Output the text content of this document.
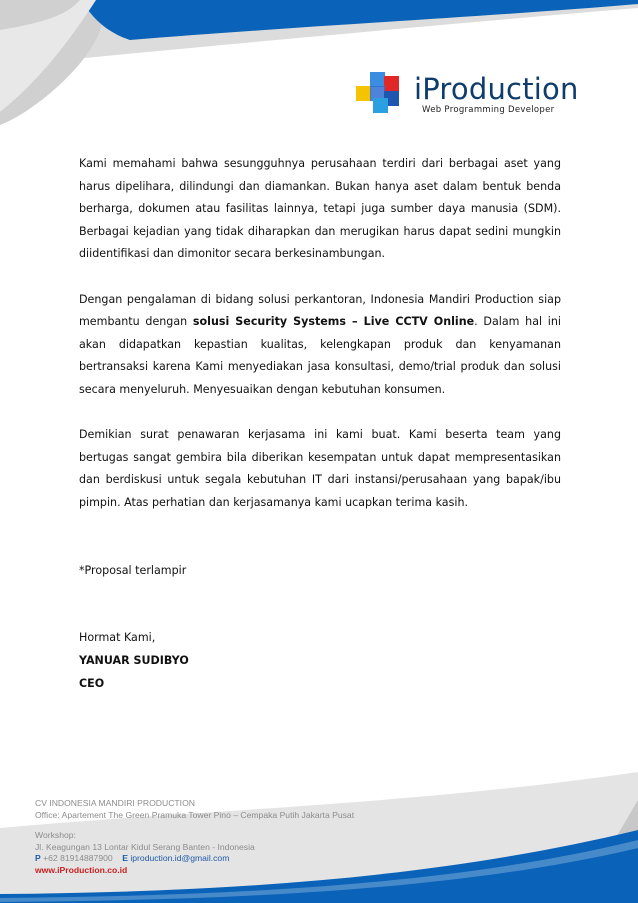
iProduction
Web Programming Developer

Kami memahami bahwa sesungguhnya perusahaan terdiri dari berbagai aset yang harus dipelihara, dilindungi dan diamankan. Bukan hanya aset dalam bentuk benda berharga, dokumen atau fasilitas lainnya, tetapi juga sumber daya manusia (SDM). Berbagai kejadian yang tidak diharapkan dan merugikan harus dapat sedini mungkin diidentifikasi dan dimonitor secara berkesinambungan.

Dengan pengalaman di bidang solusi perkantoran, Indonesia Mandiri Production siap membantu dengan solusi Security Systems – Live CCTV Online. Dalam hal ini akan didapatkan kepastian kualitas, kelengkapan produk dan kenyamanan bertransaksi karena Kami menyediakan jasa konsultasi, demo/trial produk dan solusi secara menyeluruh. Menyesuaikan dengan kebutuhan konsumen.

Demikian surat penawaran kerjasama ini kami buat. Kami beserta team yang bertugas sangat gembira bila diberikan kesempatan untuk dapat mempresentasikan dan berdiskusi untuk segala kebutuhan IT dari instansi/perusahaan yang bapak/ibu pimpin. Atas perhatian dan kerjasamanya kami ucapkan terima kasih.

*Proposal terlampir

Hormat Kami,

YANUAR SUDIBYO

CEO

CV INDONESIA MANDIRI PRODUCTION
Office: Apartement The Green Pramuka Tower Pino – Cempaka Putih Jakarta Pusat
Workshop:
Jl. Keagungan 13 Lontar Kidul Serang Banten - Indonesia
P +62 81914887900 E iproduction.id@gmail.com
www.iProduction.co.id
